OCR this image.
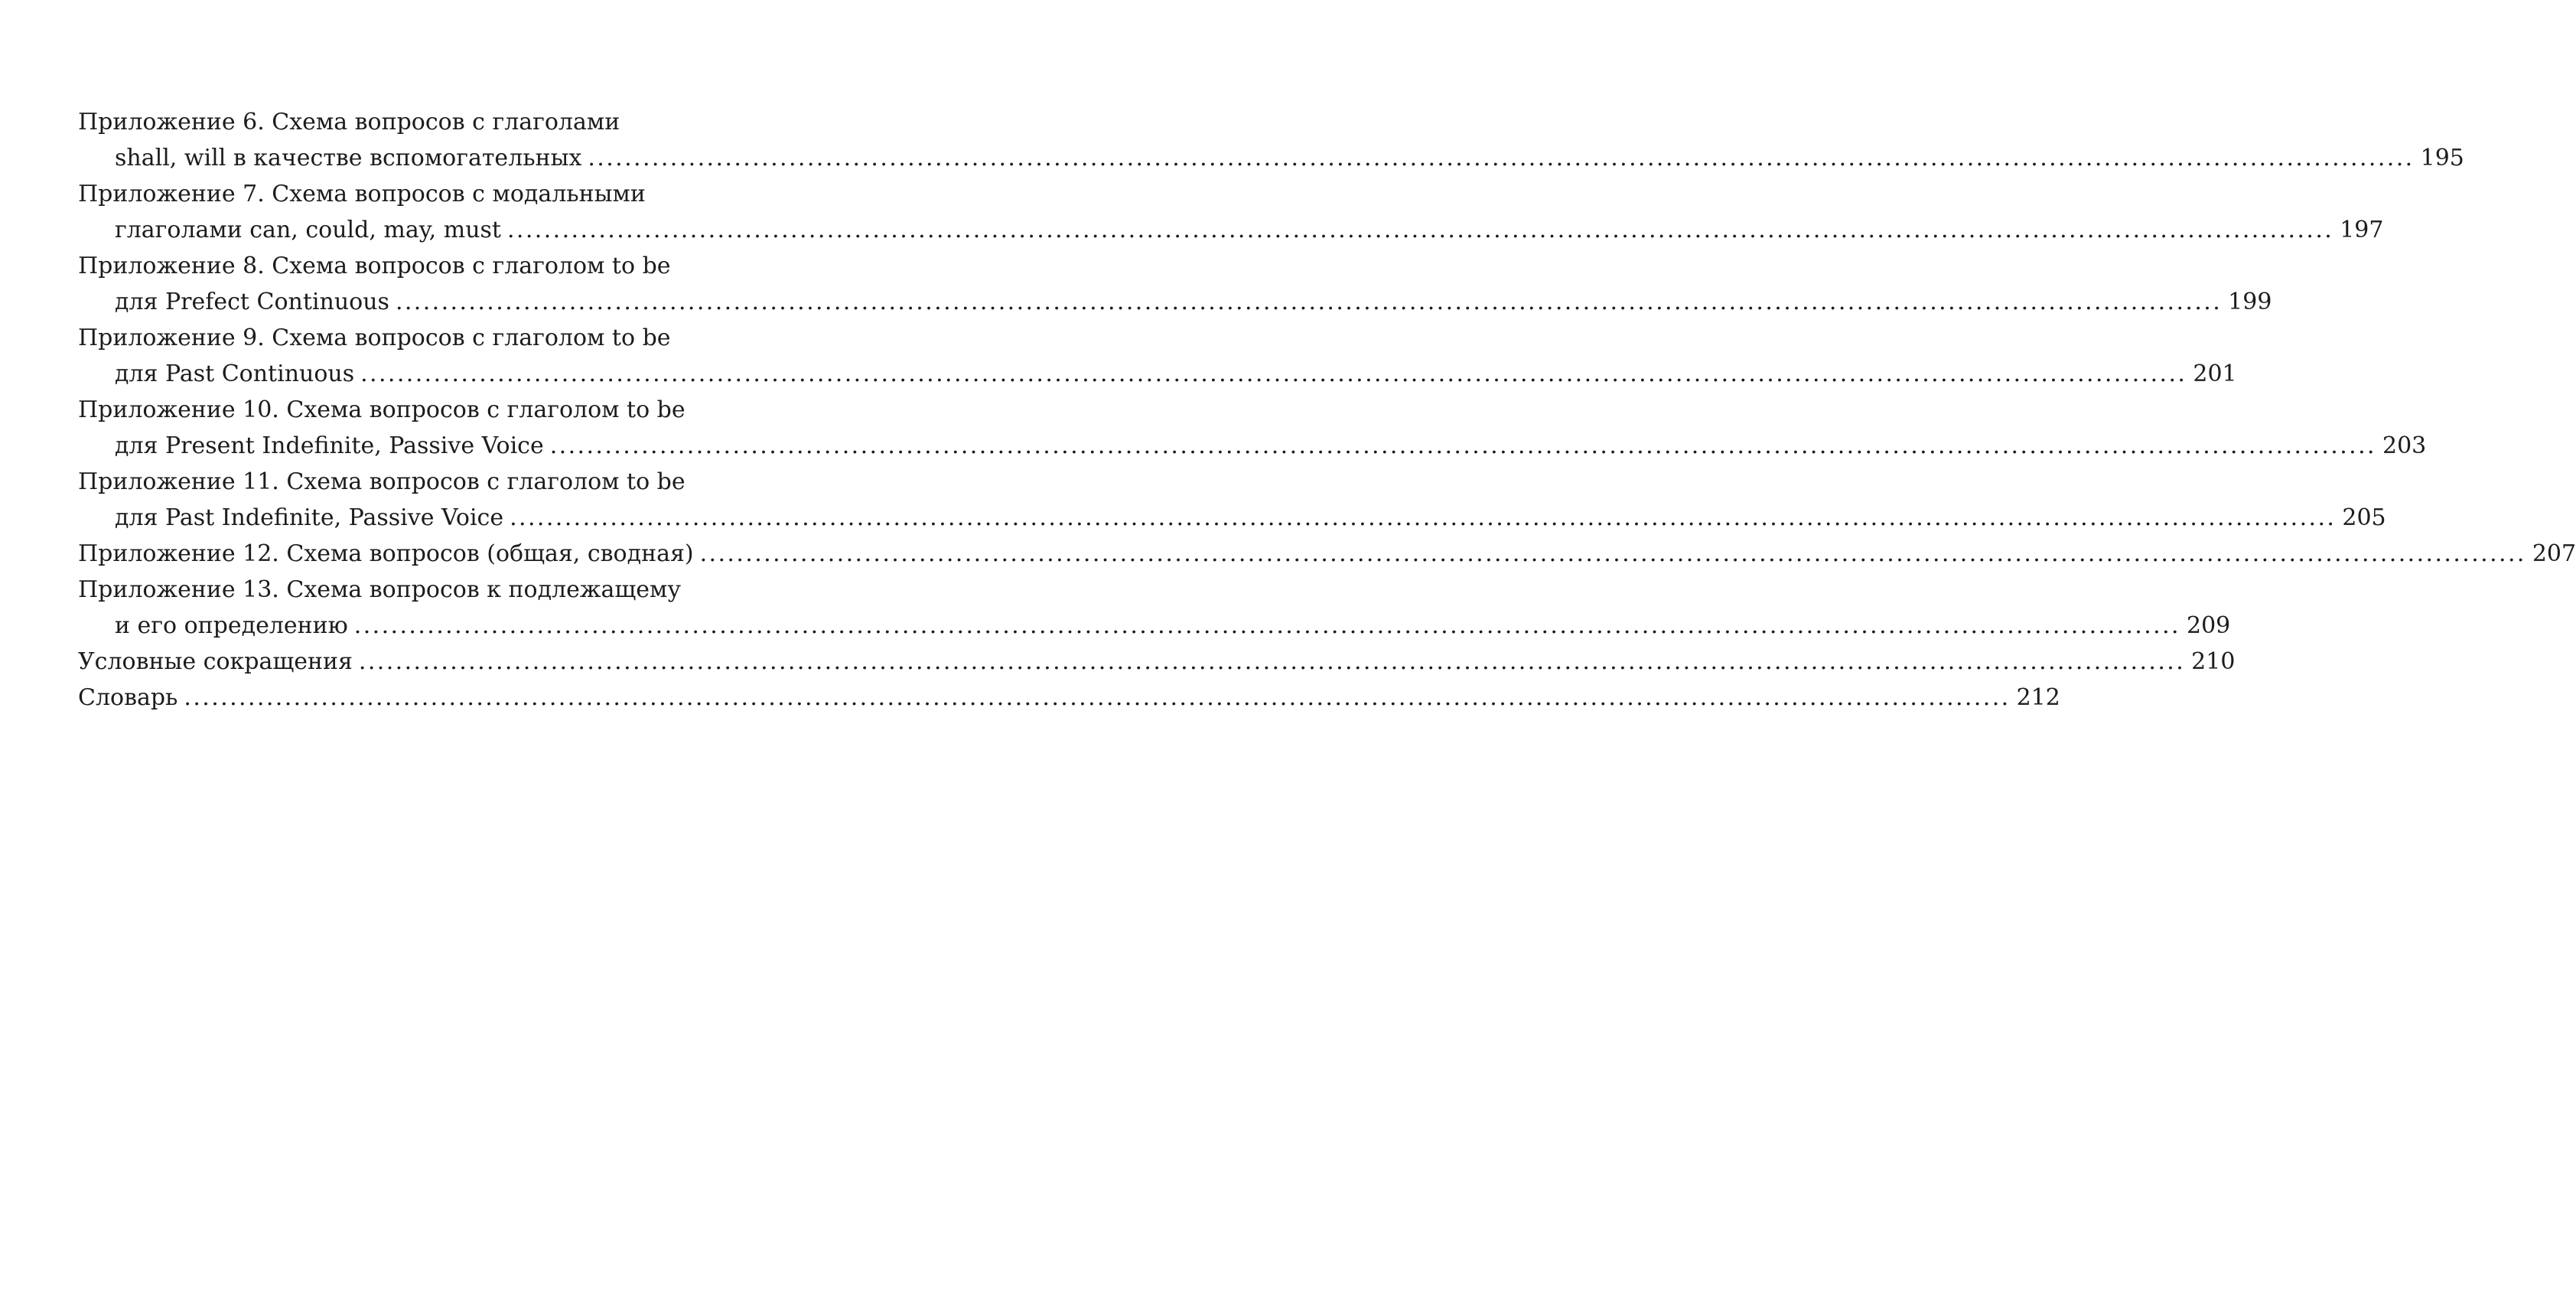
Приложение 6. Схема вопросов с глаголами
shall, will в качестве вспомогательных ........................................................................................................................................................................................................ 195
Приложение 7. Схема вопросов с модальными
глаголами can, could, may, must ........................................................................................................................................................................................................ 197
Приложение 8. Схема вопросов с глаголом to be
для Prefect Continuous ........................................................................................................................................................................................................ 199
Приложение 9. Схема вопросов с глаголом to be
для Past Continuous ........................................................................................................................................................................................................ 201
Приложение 10. Схема вопросов с глаголом to be
для Present Indefinite, Passive Voice ........................................................................................................................................................................................................ 203
Приложение 11. Схема вопросов с глаголом to be
для Past Indefinite, Passive Voice ........................................................................................................................................................................................................ 205
Приложение 12. Схема вопросов (общая, сводная) ........................................................................................................................................................................................................ 207
Приложение 13. Схема вопросов к подлежащему
и его определению ........................................................................................................................................................................................................ 209
Условные сокращения ........................................................................................................................................................................................................ 210
Словарь ........................................................................................................................................................................................................ 212
